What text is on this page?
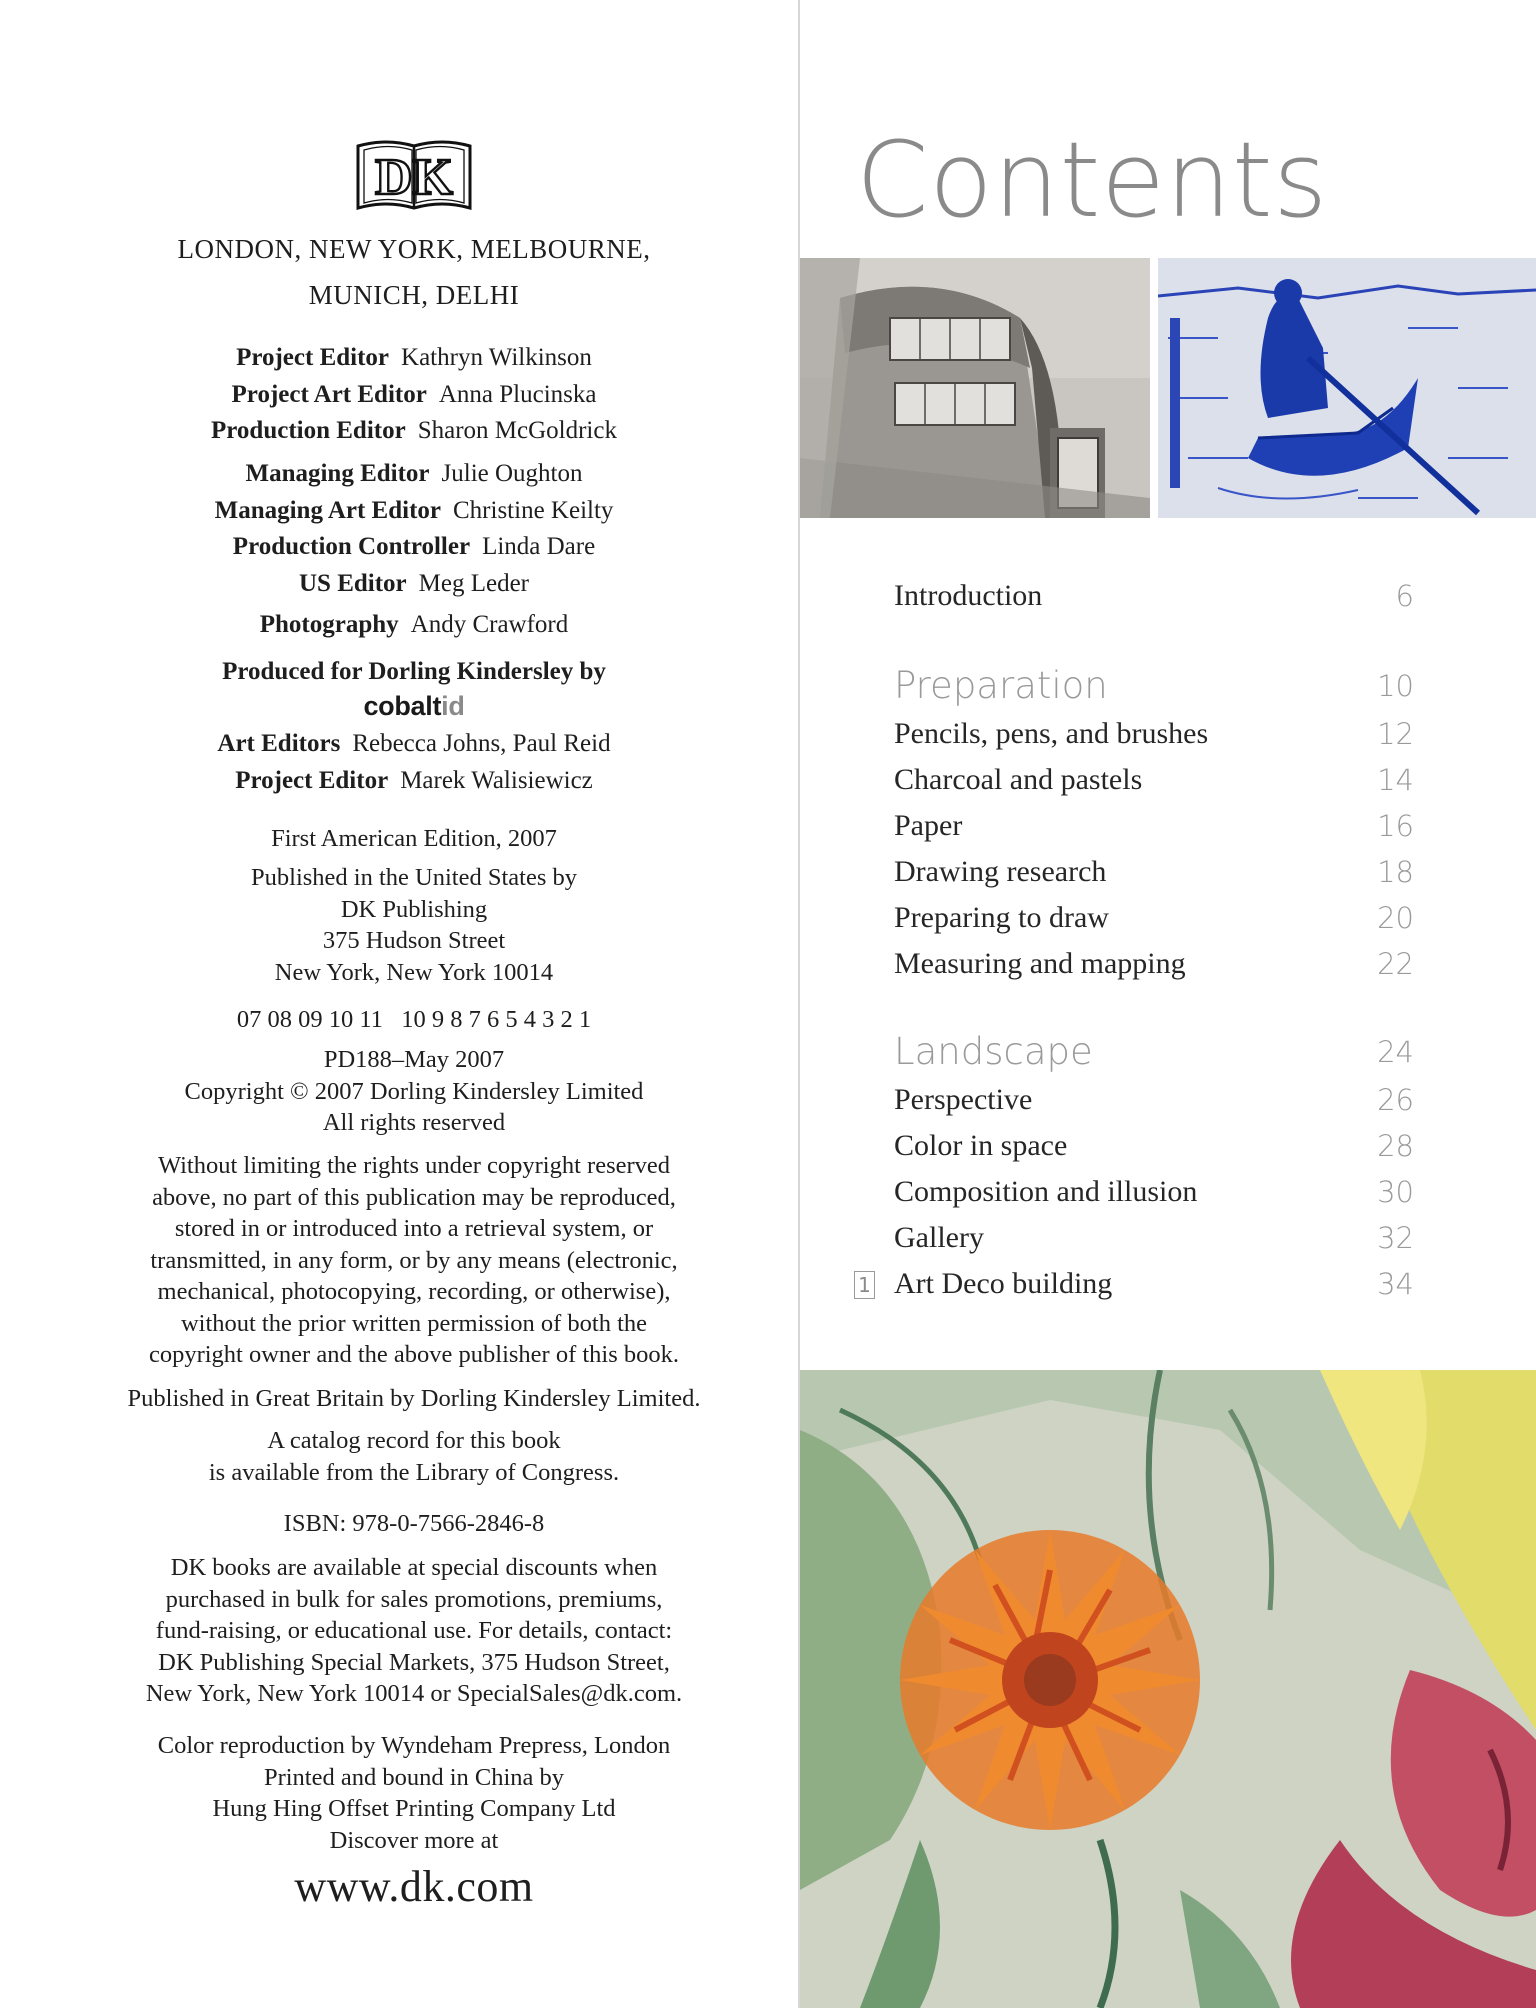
DK
LONDON, NEW YORK, MELBOURNE,
MUNICH, DELHI
Project Editor Kathryn Wilkinson
Project Art Editor Anna Plucinska
Production Editor Sharon McGoldrick
Managing Editor Julie Oughton
Managing Art Editor Christine Keilty
Production Controller Linda Dare
US Editor Meg Leder
Photography Andy Crawford
Produced for Dorling Kindersley by
cobaltid
Art Editors Rebecca Johns, Paul Reid
Project Editor Marek Walisiewicz
First American Edition, 2007
Published in the United States by
DK Publishing
375 Hudson Street
New York, New York 10014
07 08 09 10 11   10 9 8 7 6 5 4 3 2 1
PD188–May 2007
Copyright © 2007 Dorling Kindersley Limited
All rights reserved
Without limiting the rights under copyright reserved
above, no part of this publication may be reproduced,
stored in or introduced into a retrieval system, or
transmitted, in any form, or by any means (electronic,
mechanical, photocopying, recording, or otherwise),
without the prior written permission of both the
copyright owner and the above publisher of this book.
Published in Great Britain by Dorling Kindersley Limited.
A catalog record for this book
is available from the Library of Congress.
ISBN: 978-0-7566-2846-8
DK books are available at special discounts when
purchased in bulk for sales promotions, premiums,
fund-raising, or educational use. For details, contact:
DK Publishing Special Markets, 375 Hudson Street,
New York, New York 10014 or SpecialSales@dk.com.
Color reproduction by Wyndeham Prepress, London
Printed and bound in China by
Hung Hing Offset Printing Company Ltd
Discover more at
www.dk.com
Contents
Introduction	6
Preparation	10
Pencils, pens, and brushes	12
Charcoal and pastels	14
Paper	16
Drawing research	18
Preparing to draw	20
Measuring and mapping	22
Landscape	24
Perspective	26
Color in space	28
Composition and illusion	30
Gallery	32
1 Art Deco building	34
